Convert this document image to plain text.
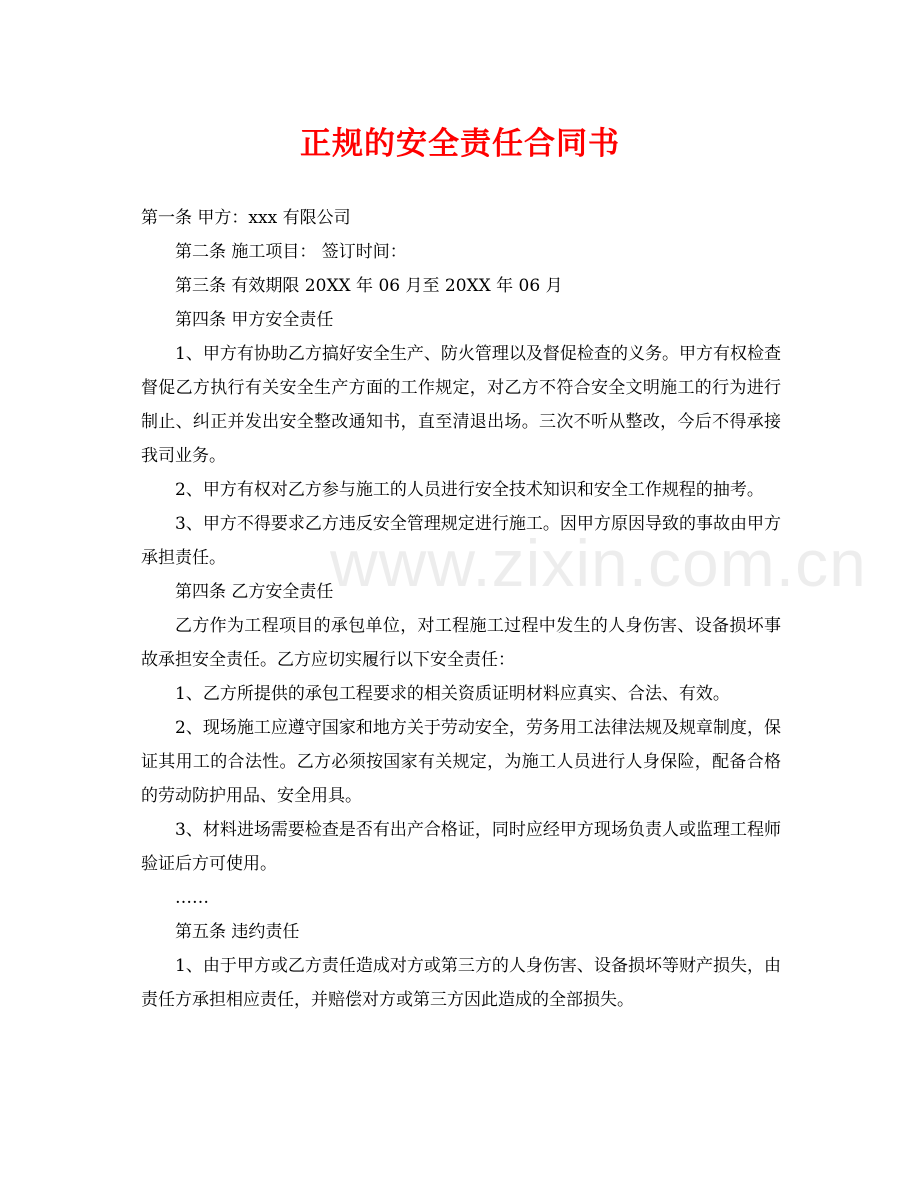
www.zixin.com.cn
正规的安全责任合同书

第一条 甲方：xxx 有限公司

第二条 施工项目： 签订时间：

第三条 有效期限 20XX 年 06 月至 20XX 年 06 月

第四条 甲方安全责任

1、甲方有协助乙方搞好安全生产、防火管理以及督促检查的义务。甲方有权检查督促乙方执行有关安全生产方面的工作规定，对乙方不符合安全文明施工的行为进行制止、纠正并发出安全整改通知书，直至清退出场。三次不听从整改，今后不得承接我司业务。

2、甲方有权对乙方参与施工的人员进行安全技术知识和安全工作规程的抽考。

3、甲方不得要求乙方违反安全管理规定进行施工。因甲方原因导致的事故由甲方承担责任。

第四条 乙方安全责任

乙方作为工程项目的承包单位，对工程施工过程中发生的人身伤害、设备损坏事故承担安全责任。乙方应切实履行以下安全责任：

1、乙方所提供的承包工程要求的相关资质证明材料应真实、合法、有效。

2、现场施工应遵守国家和地方关于劳动安全，劳务用工法律法规及规章制度，保证其用工的合法性。乙方必须按国家有关规定，为施工人员进行人身保险，配备合格的劳动防护用品、安全用具。

3、材料进场需要检查是否有出产合格证，同时应经甲方现场负责人或监理工程师验证后方可使用。

……

第五条 违约责任

1、由于甲方或乙方责任造成对方或第三方的人身伤害、设备损坏等财产损失，由责任方承担相应责任，并赔偿对方或第三方因此造成的全部损失。
